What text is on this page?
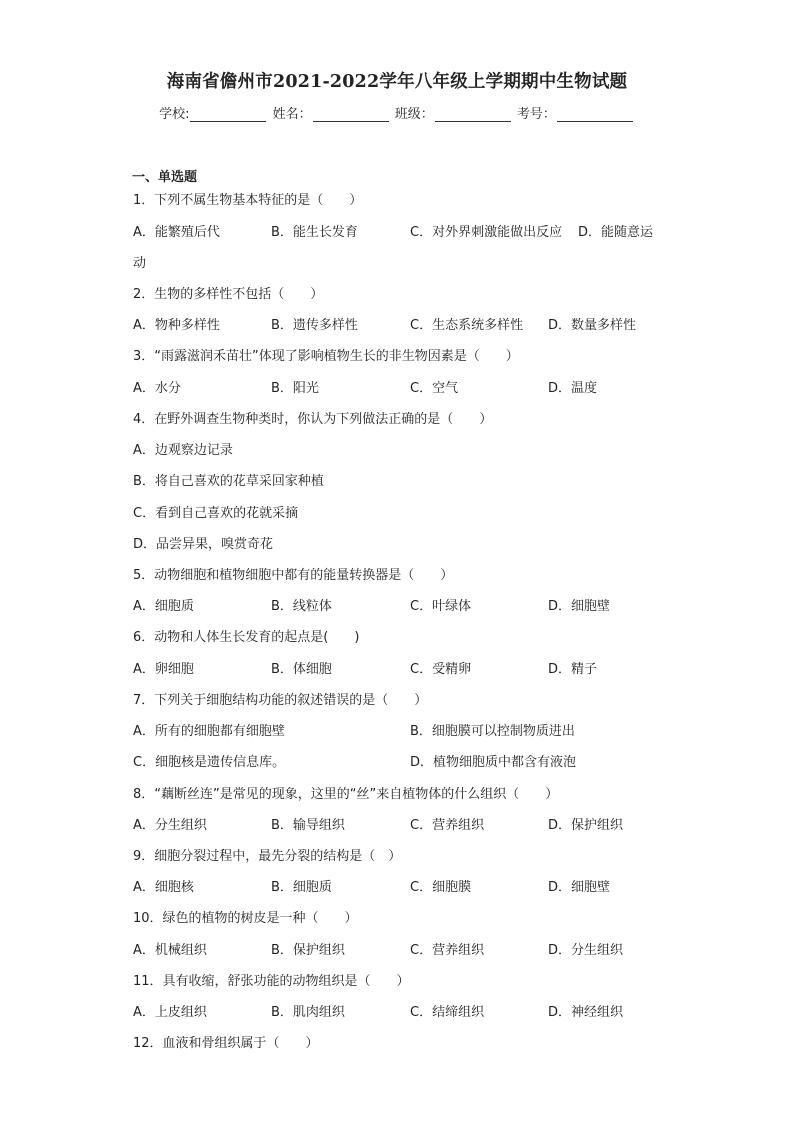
海南省儋州市2021-2022学年八年级上学期期中生物试题
学校:	姓名：	班级：	考号：
一、单选题
1．下列不属生物基本特征的是（　　）
A．能繁殖后代	B．能生长发育	C．对外界刺激能做出反应 D．能随意运
动
2．生物的多样性不包括（　　）
A．物种多样性	B．遗传多样性	C．生态系统多样性 D．数量多样性
3．“雨露滋润禾苗壮”体现了影响植物生长的非生物因素是（　　）
A．水分	B．阳光	C．空气	D．温度
4．在野外调查生物种类时，你认为下列做法正确的是（　　）
A．边观察边记录
B．将自己喜欢的花草采回家种植
C．看到自己喜欢的花就采摘
D．品尝异果，嗅赏奇花
5．动物细胞和植物细胞中都有的能量转换器是（　　）
A．细胞质	B．线粒体	C．叶绿体	D．细胞壁
6．动物和人体生长发育的起点是(　　)
A．卵细胞	B．体细胞	C．受精卵	D．精子
7．下列关于细胞结构功能的叙述错误的是（　　）
A．所有的细胞都有细胞壁	B．细胞膜可以控制物质进出
C．细胞核是遗传信息库。	D．植物细胞质中都含有液泡
8．“藕断丝连”是常见的现象，这里的“丝”来自植物体的什么组织（　　）
A．分生组织	B．输导组织	C．营养组织	D．保护组织
9．细胞分裂过程中，最先分裂的结构是（　）
A．细胞核	B．细胞质	C．细胞膜	D．细胞壁
10．绿色的植物的树皮是一种（　　）
A．机械组织	B．保护组织	C．营养组织	D．分生组织
11．具有收缩，舒张功能的动物组织是（　　）
A．上皮组织	B．肌肉组织	C．结缔组织	D．神经组织
12．血液和骨组织属于（　　）
